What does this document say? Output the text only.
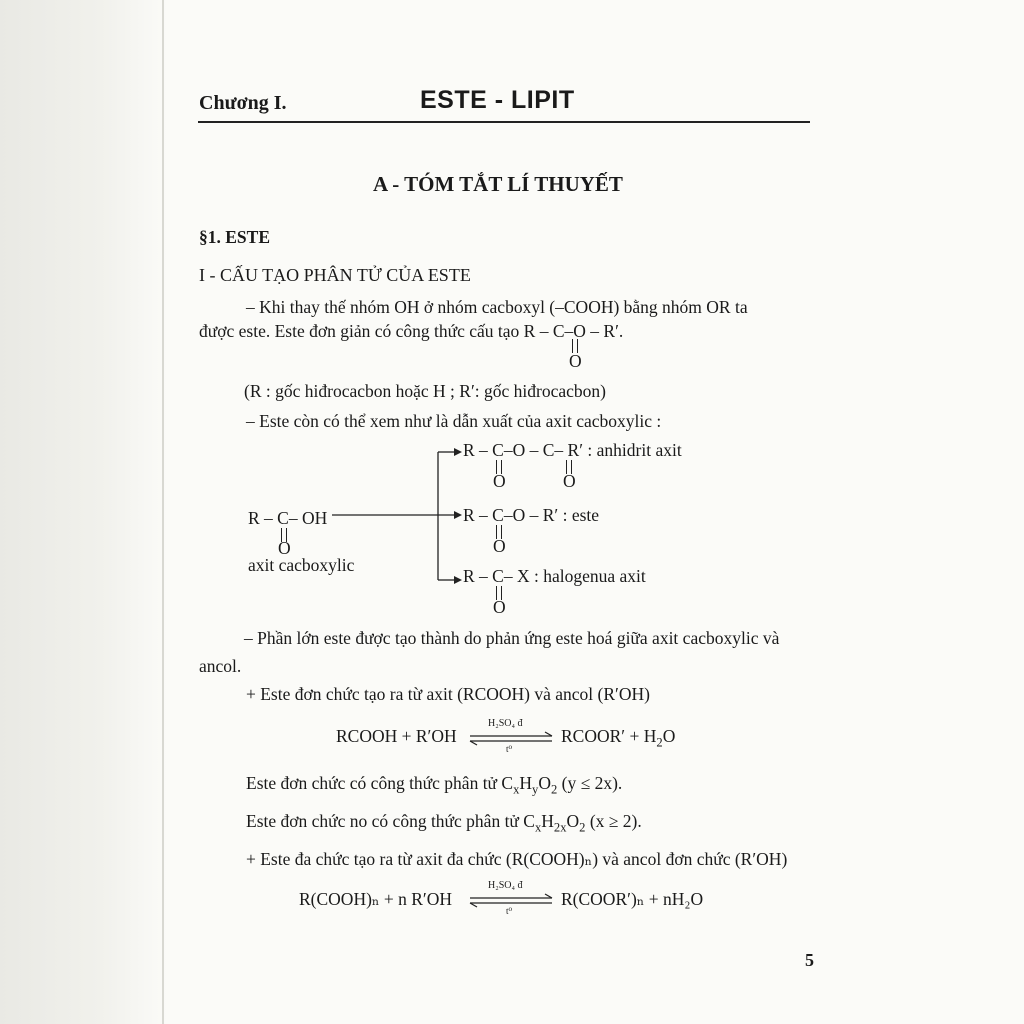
Chương I.	ESTE - LIPIT
A - TÓM TẮT LÍ THUYẾT
§1. ESTE
I - CẤU TẠO PHÂN TỬ CỦA ESTE
– Khi thay thế nhóm OH ở nhóm cacboxyl (–COOH) bằng nhóm OR ta
được este. Este đơn giản có công thức cấu tạo R – C–O – R′.
O
(R : gốc hiđrocacbon hoặc H ; R′: gốc hiđrocacbon)
– Este còn có thể xem như là dẫn xuất của axit cacboxylic :
R – C–O – C– R′ : anhidrit axit
O	O
R – C– OH
O
axit cacboxylic
R – C–O – R′ : este
O
R – C– X : halogenua axit
O
– Phần lớn este được tạo thành do phản ứng este hoá giữa axit cacboxylic và
ancol.
+ Este đơn chức tạo ra từ axit (RCOOH) và ancol (R′OH)
RCOOH + R′OH
H₂SO₄ đ
t⁰
RCOOR′ + $H_2O$
Este đơn chức có công thức phân tử $C_xH_yO_2$ (y ≤ 2x).
Este đơn chức no có công thức phân tử $C_xH_{2x}O_2$ (x ≥ 2).
+ Este đa chức tạo ra từ axit đa chức (R(COOH)ₙ) và ancol đơn chức (R′OH)
R(COOH)ₙ + n R′OH
H₂SO₄ đ
t⁰
R(COOR′)ₙ + nH₂O
5
